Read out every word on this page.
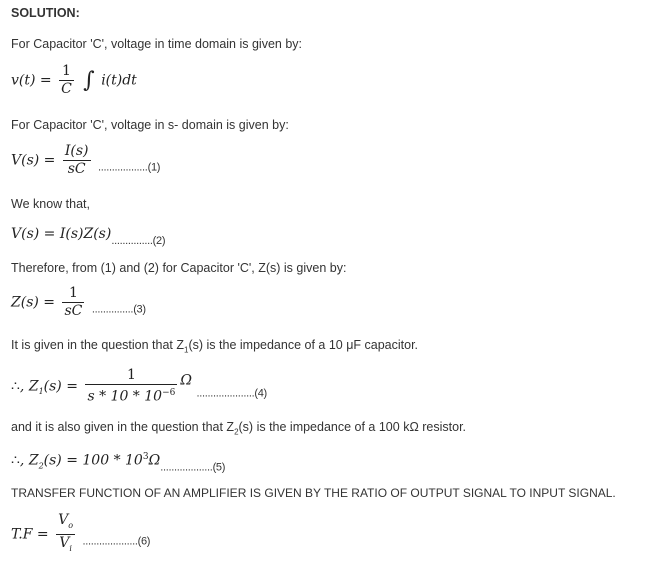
SOLUTION:
For Capacitor 'C', voltage in time domain is given by:
$v(t) = \frac{1}{C}$ ∫ i(t)dt
For Capacitor 'C', voltage in s- domain is given by:
$V(s) = \frac{I(s)}{sC} _{..................(1)}$
We know that,
$V(s) = I(s)Z(s)_{...............(2)}$
Therefore, from (1) and (2) for Capacitor 'C', Z(s) is given by:
$Z(s) = \frac{1}{sC} _{...............(3)}$
It is given in the question that $Z_1(s)$ is the impedance of a 10 μF capacitor.
∴, $Z_1(s) = \frac{1}{s * 10 * 10^{-6}}$ Ω $_{.....................(4)}$
and it is also given in the question that $Z_2(s)$ is the impedance of a 100 kΩ resistor.
∴, $Z_2(s) = 100 * 10^3\Omega_{...................(5)}$
TRANSFER FUNCTION OF AN AMPLIFIER IS GIVEN BY THE RATIO OF OUTPUT SIGNAL TO INPUT SIGNAL.
$T.F = \frac{V_o}{V_i} _{....................(6)}$
